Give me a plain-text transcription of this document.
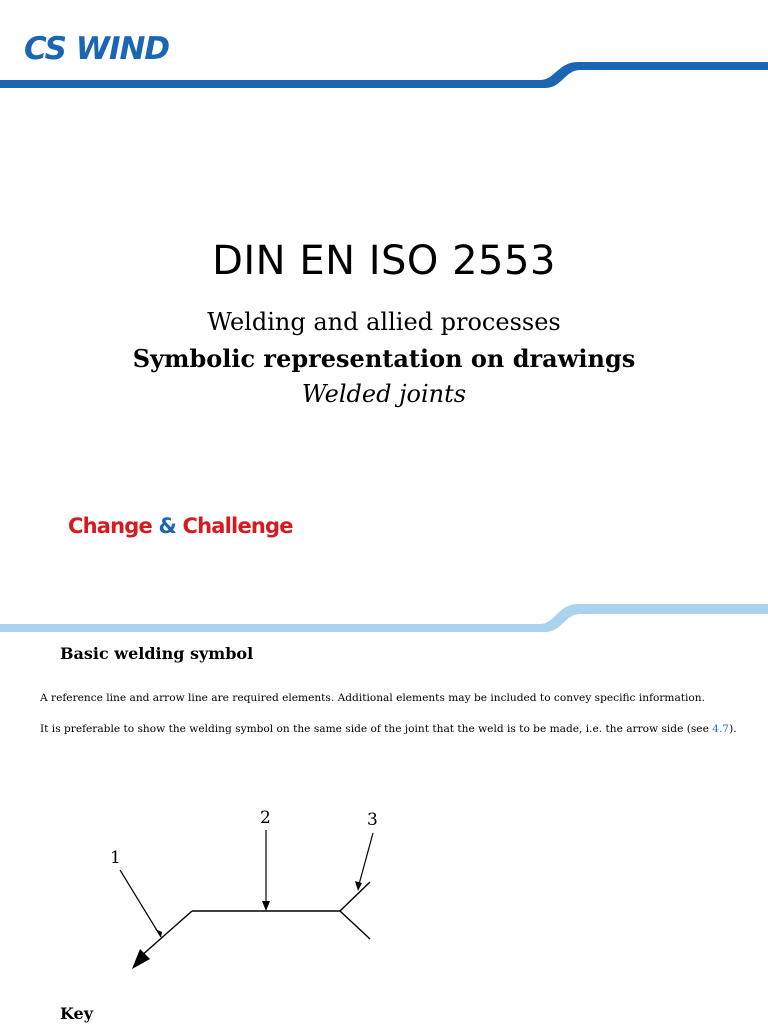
CS WIND
DIN EN ISO 2553
Welding and allied processes
Symbolic representation on drawings
Welded joints
Change & Challenge
Basic welding symbol
A reference line and arrow line are required elements. Additional elements may be included to convey specific information.
It is preferable to show the welding symbol on the same side of the joint that the weld is to be made, i.e. the arrow side (see 4.7).
1
2	3
Key
